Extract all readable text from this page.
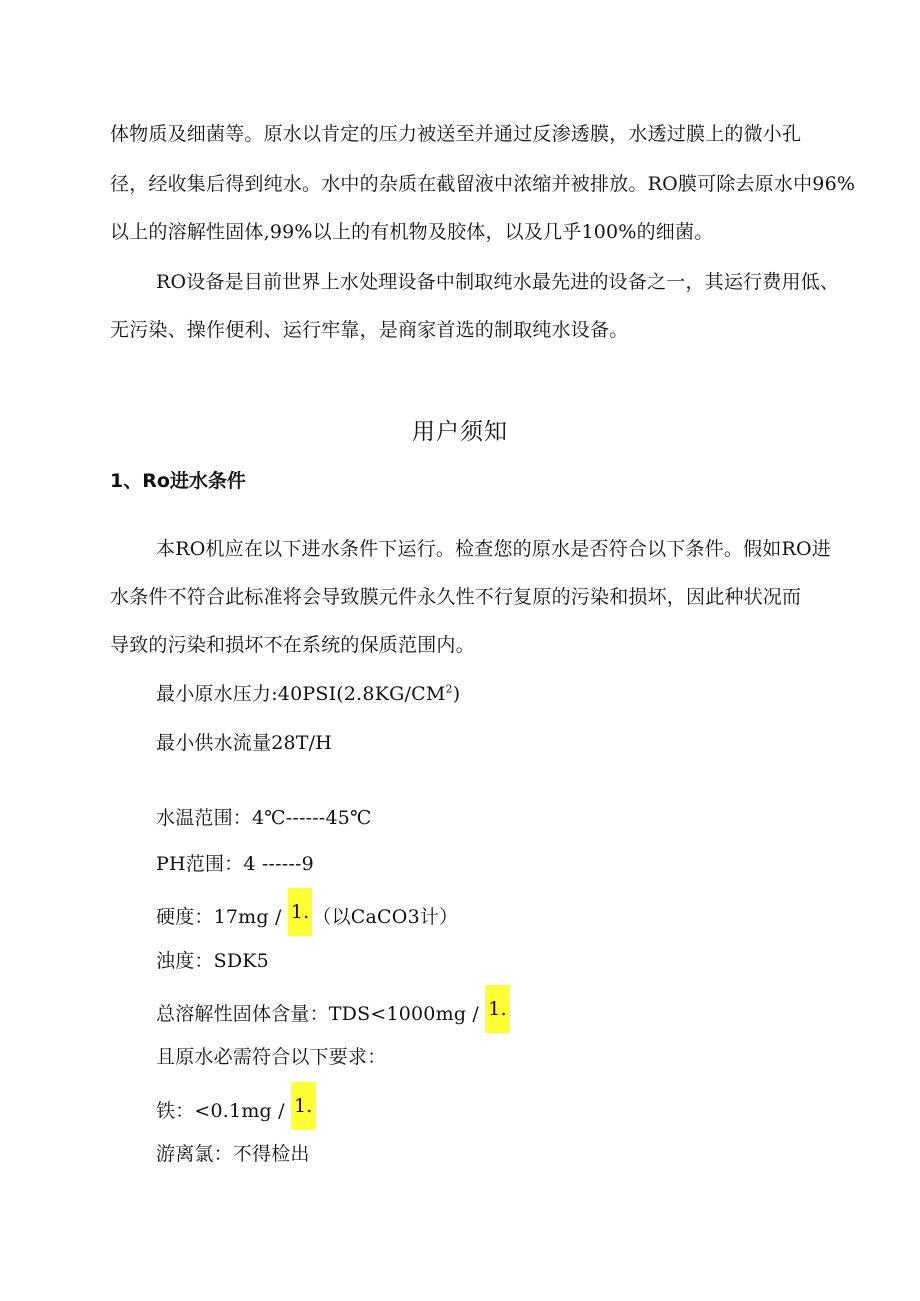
体物质及细菌等。原水以肯定的压力被送至并通过反渗透膜，水透过膜上的微小孔
径，经收集后得到纯水。水中的杂质在截留液中浓缩并被排放。RO膜可除去原水中96%
以上的溶解性固体,99%以上的有机物及胶体，以及几乎100%的细菌。
RO设备是目前世界上水处理设备中制取纯水最先进的设备之一，其运行费用低、
无污染、操作便利、运行牢靠，是商家首选的制取纯水设备。
用户须知
1、Ro进水条件
本RO机应在以下进水条件下运行。检查您的原水是否符合以下条件。假如RO进
水条件不符合此标准将会导致膜元件永久性不行复原的污染和损坏，因此种状况而
导致的污染和损坏不在系统的保质范围内。
最小原水压力$:40PSI(2.8KG/CM^2)$
最小供水流量28T/H
水温范围：4℃------45℃
PH范围：4 ------9
硬度：17mg / 1. （以CaCO3计）
浊度：SDK5
总溶解性固体含量：TDS<1000mg / 1.
且原水必需符合以下要求：
铁：<0.1mg / 1.
游离氯：不得检出
